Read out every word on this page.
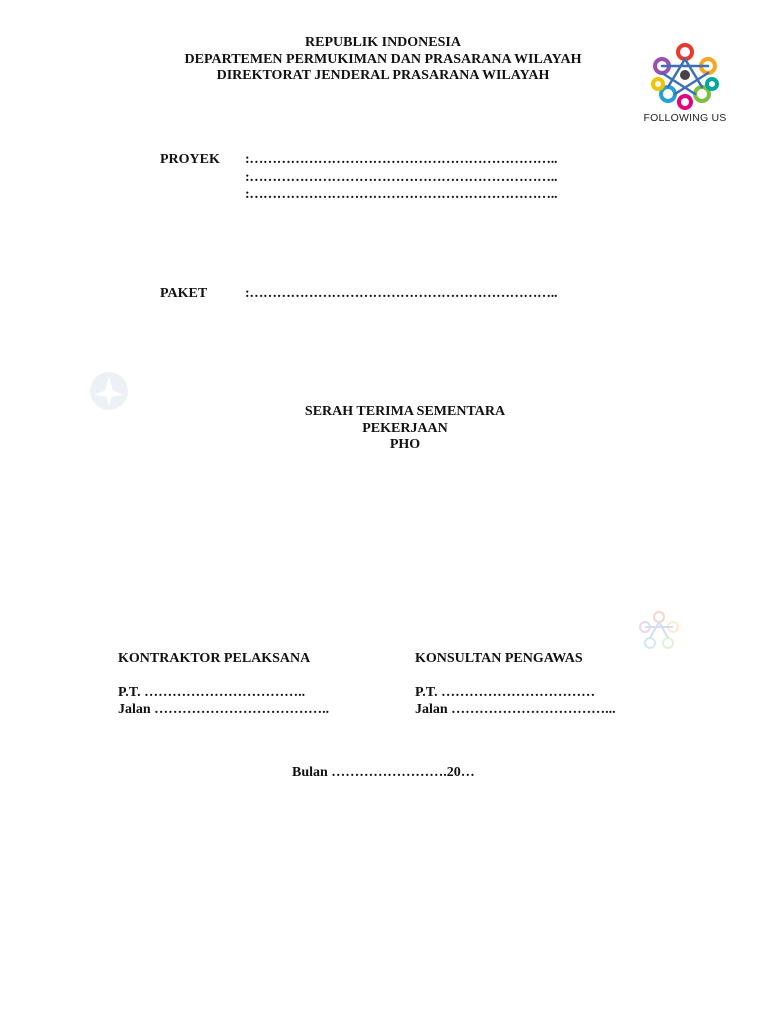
REPUBLIK INDONESIA
DEPARTEMEN PERMUKIMAN DAN PRASARANA WILAYAH
DIREKTORAT JENDERAL PRASARANA WILAYAH
FOLLOWING US
PROYEK :…………………………………………………………..
:…………………………………………………………..
:…………………………………………………………..
PAKET	:…………………………………………………………..
SERAH TERIMA SEMENTARA
PEKERJAAN
PHO
KONTRAKTOR PELAKSANA
P.T. ……………………………..
Jalan ………………………………..
KONSULTAN PENGAWAS
P.T. ……………………………
Jalan ……………………………...
Bulan …………………….20…
